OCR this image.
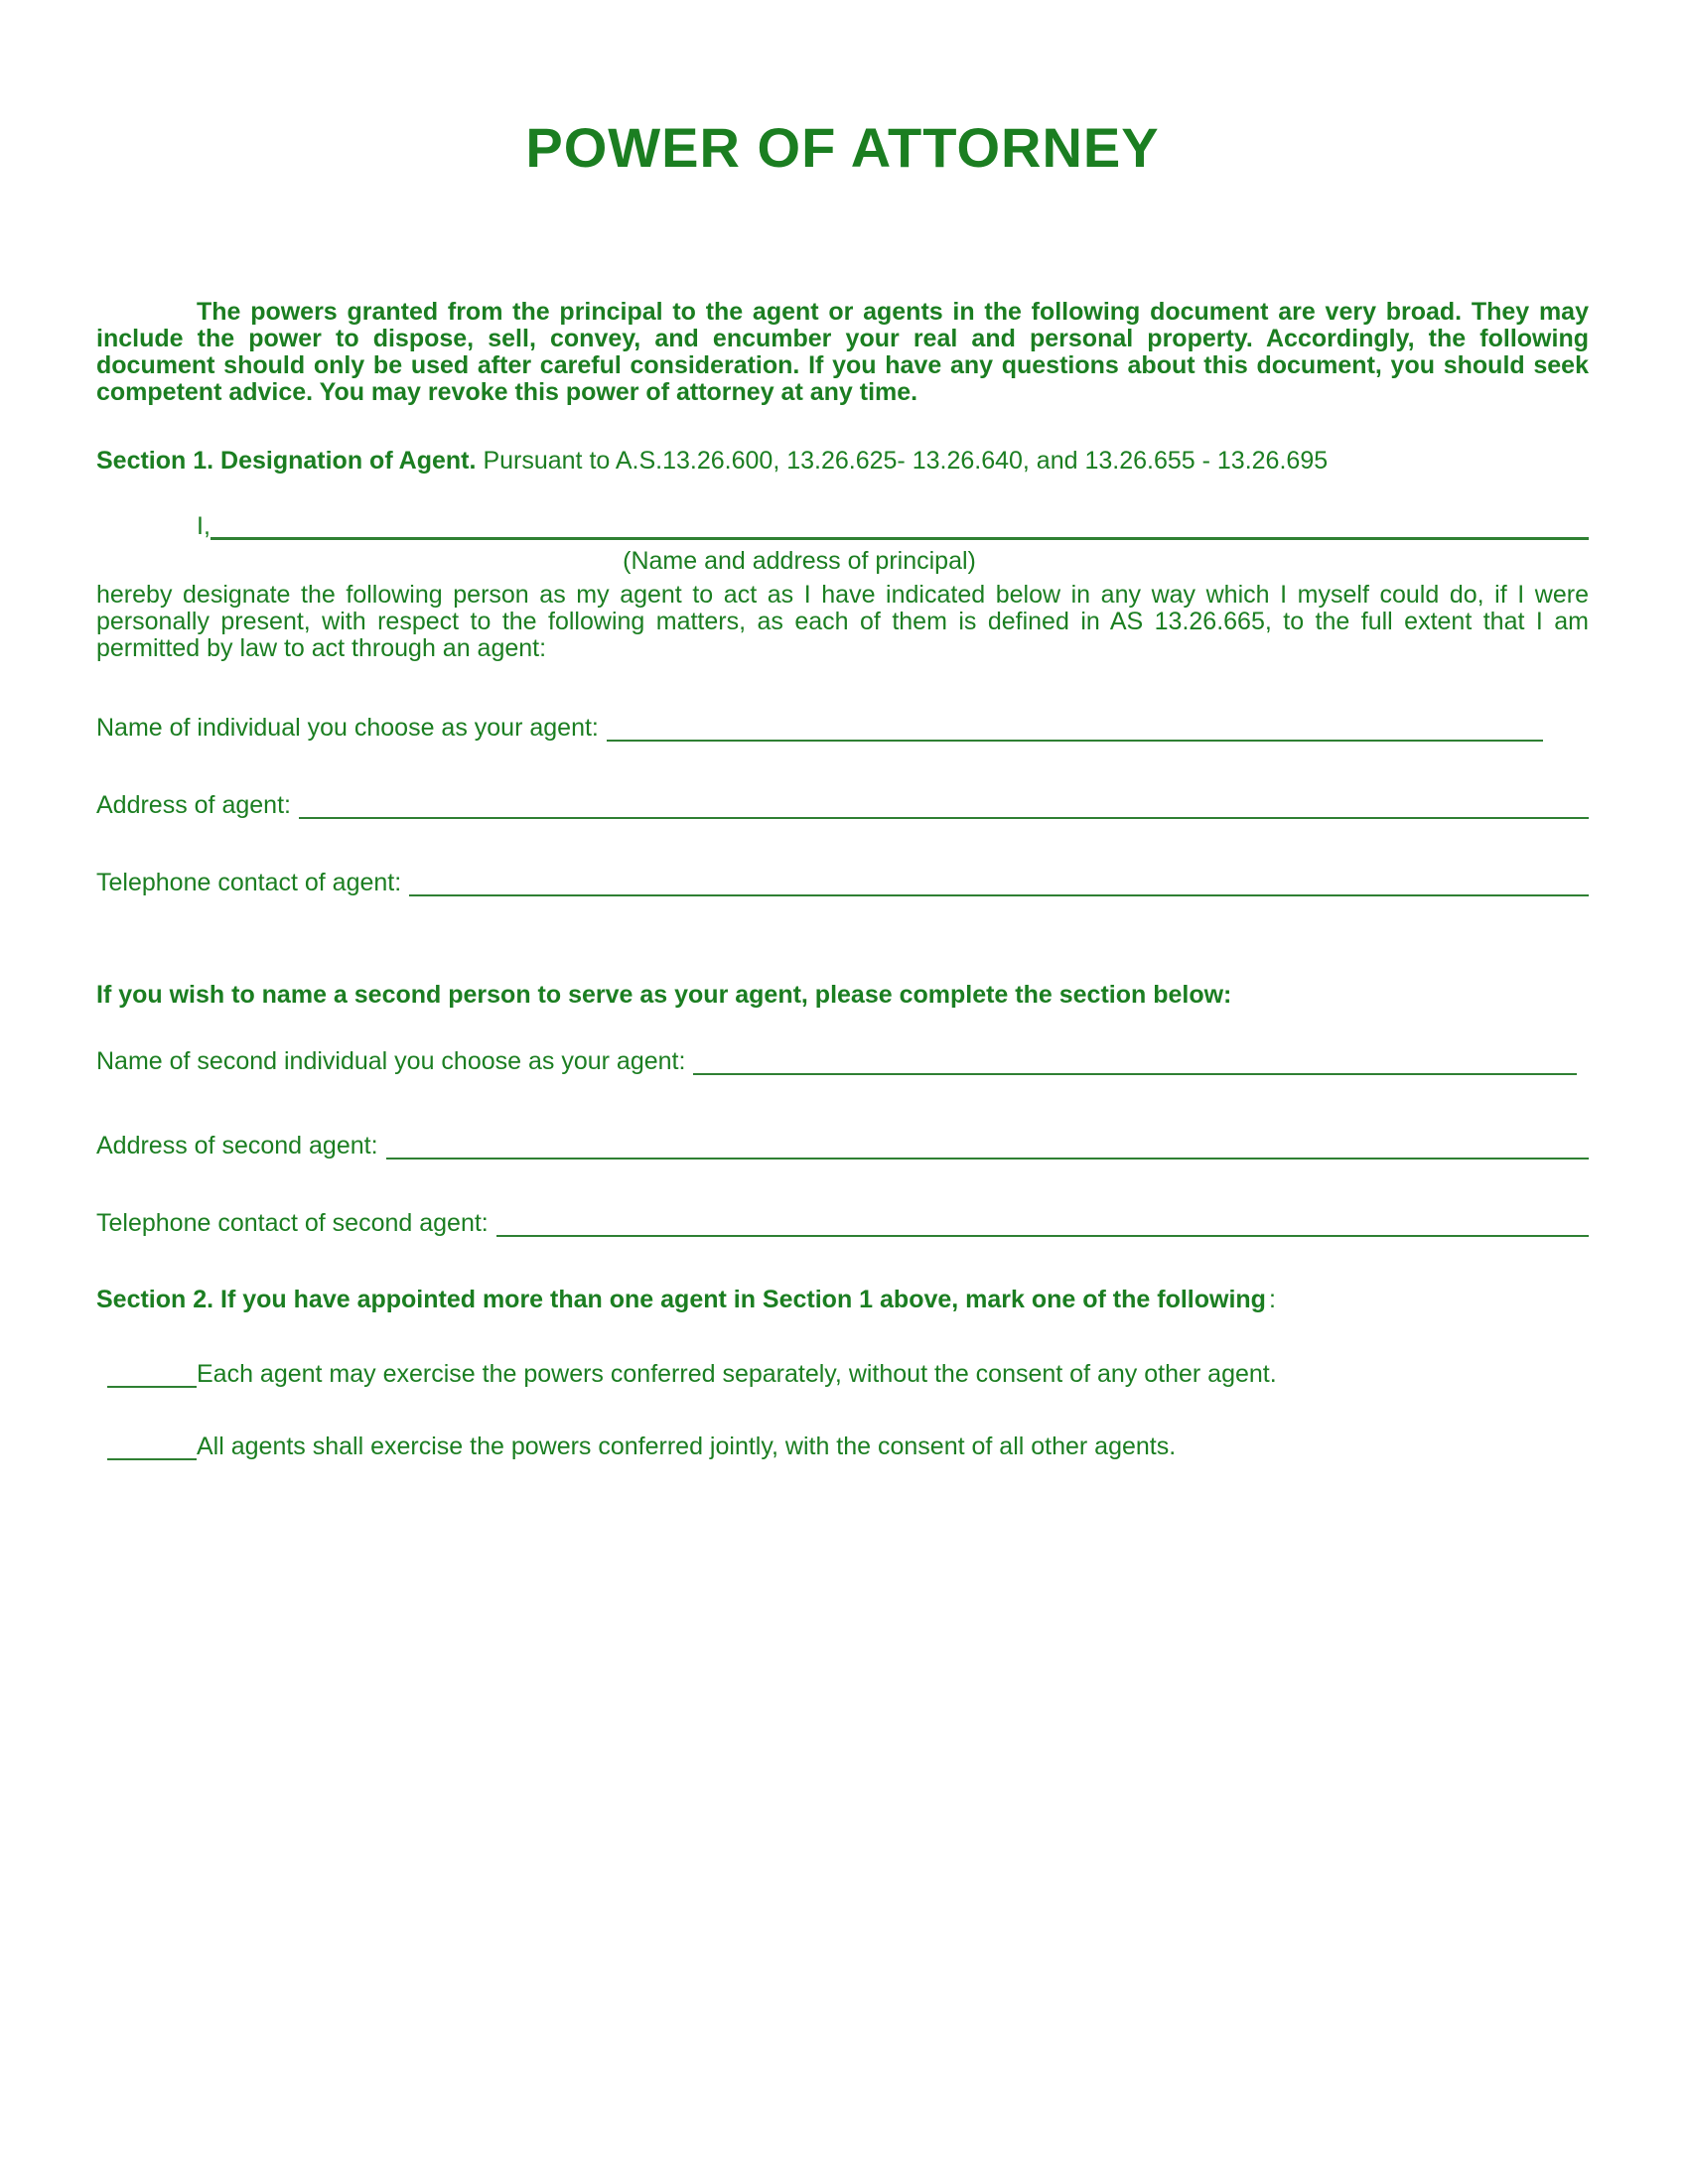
POWER OF ATTORNEY

The powers granted from the principal to the agent or agents in the following document are very broad. They may include the power to dispose, sell, convey, and encumber your real and personal property. Accordingly, the following document should only be used after careful consideration. If you have any questions about this document, you should seek competent advice. You may revoke this power of attorney at any time.

Section 1. Designation of Agent. Pursuant to A.S.13.26.600, 13.26.625- 13.26.640, and 13.26.655 - 13.26.695
I,
(Name and address of principal)

hereby designate the following person as my agent to act as I have indicated below in any way which I myself could do, if I were personally present, with respect to the following matters, as each of them is defined in AS 13.26.665, to the full extent that I am permitted by law to act through an agent:

Name of individual you choose as your agent:
Address of agent:
Telephone contact of agent:
If you wish to name a second person to serve as your agent, please complete the section below:
Name of second individual you choose as your agent:
Address of second agent:
Telephone contact of second agent:
Section 2. If you have appointed more than one agent in Section 1 above, mark one of the following :
Each agent may exercise the powers conferred separately, without the consent of any other agent.
All agents shall exercise the powers conferred jointly, with the consent of all other agents.
